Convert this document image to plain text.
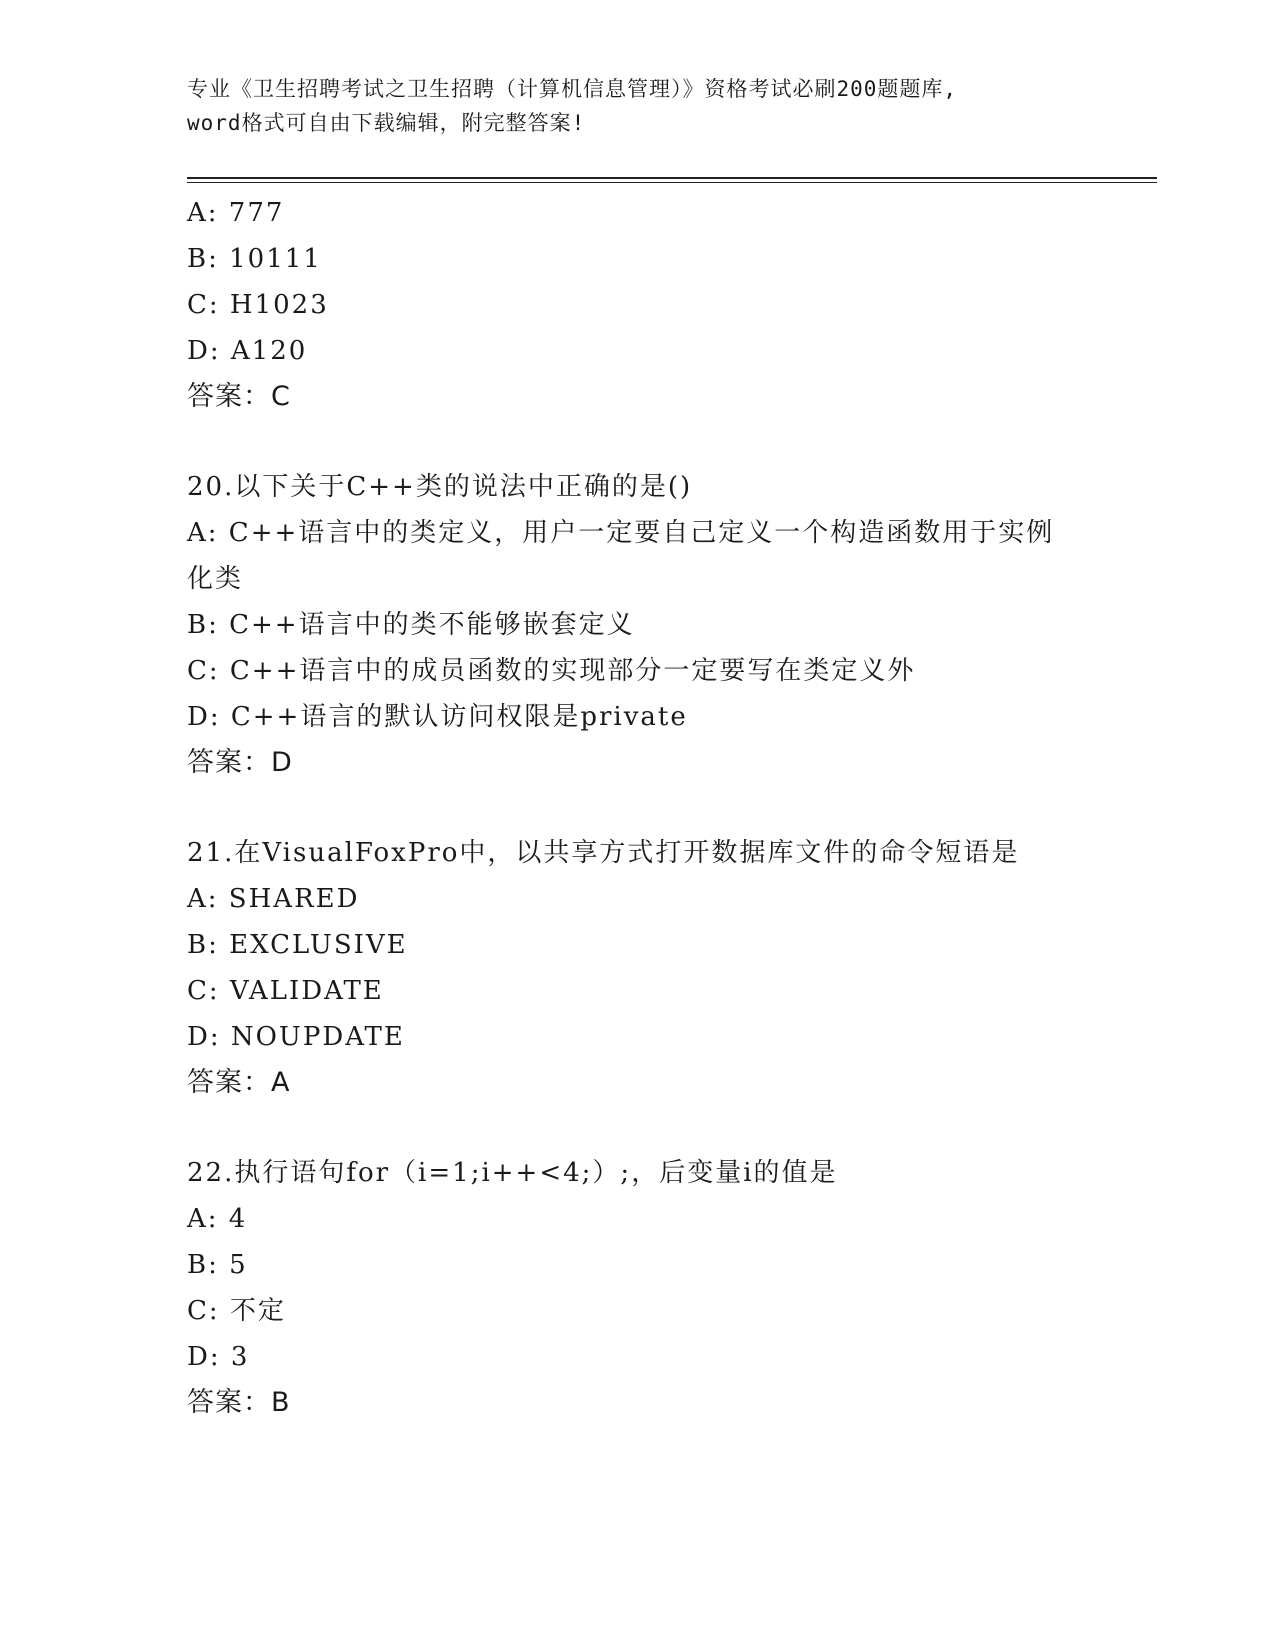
专业《卫生招聘考试之卫生招聘（计算机信息管理）》资格考试必刷200题题库,
word格式可自由下载编辑，附完整答案!
A: 777
B: 10111
C: H1023
D: A120
答案：C
20.以下关于C++类的说法中正确的是()
A: C++语言中的类定义，用户一定要自己定义一个构造函数用于实例
化类
B: C++语言中的类不能够嵌套定义
C: C++语言中的成员函数的实现部分一定要写在类定义外
D: C++语言的默认访问权限是private
答案：D
21.在VisualFoxPro中，以共享方式打开数据库文件的命令短语是
A: SHARED
B: EXCLUSIVE
C: VALIDATE
D: NOUPDATE
答案：A
22.执行语句for（i=1;i++<4;）;，后变量i的值是
A: 4
B: 5
C: 不定
D: 3
答案：B
